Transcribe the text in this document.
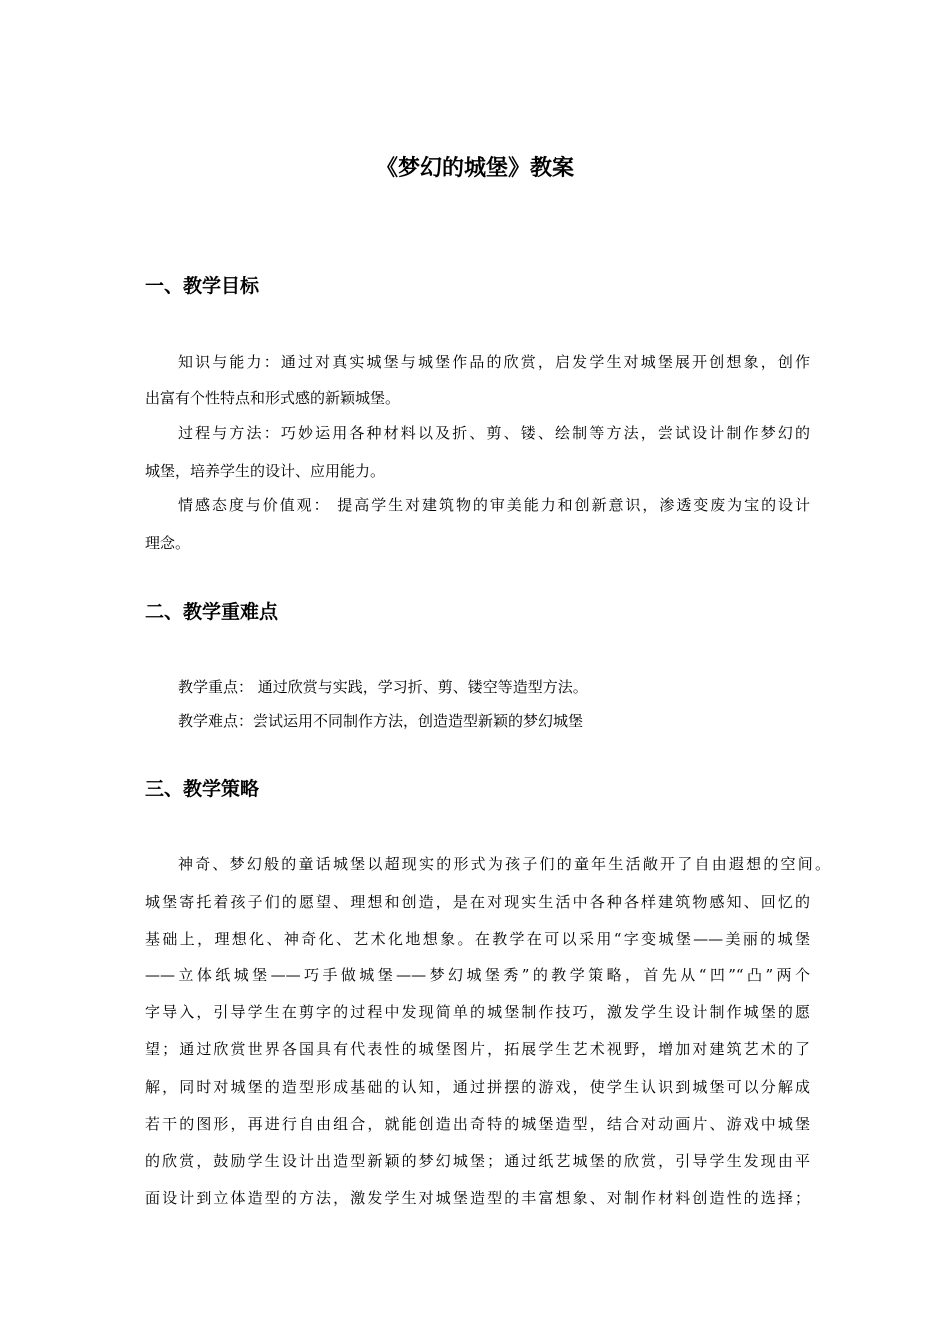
《梦幻的城堡》教案
一、教学目标
知识与能力：通过对真实城堡与城堡作品的欣赏，启发学生对城堡展开创想象，创作
出富有个性特点和形式感的新颖城堡。
过程与方法：巧妙运用各种材料以及折、剪、镂、绘制等方法，尝试设计制作梦幻的
城堡，培养学生的设计、应用能力。
情感态度与价值观： 提高学生对建筑物的审美能力和创新意识，渗透变废为宝的设计
理念。
二、教学重难点
教学重点： 通过欣赏与实践，学习折、剪、镂空等造型方法。
教学难点：尝试运用不同制作方法，创造造型新颖的梦幻城堡
三、教学策略
神奇、梦幻般的童话城堡以超现实的形式为孩子们的童年生活敞开了自由遐想的空间。
城堡寄托着孩子们的愿望、理想和创造，是在对现实生活中各种各样建筑物感知、回忆的
基础上，理想化、神奇化、艺术化地想象。在教学在可以采用“字变城堡——美丽的城堡
——立体纸城堡——巧手做城堡——梦幻城堡秀”的教学策略，首先从“凹”“凸”两个
字导入，引导学生在剪字的过程中发现简单的城堡制作技巧，激发学生设计制作城堡的愿
望；通过欣赏世界各国具有代表性的城堡图片，拓展学生艺术视野，增加对建筑艺术的了
解，同时对城堡的造型形成基础的认知，通过拼摆的游戏，使学生认识到城堡可以分解成
若干的图形，再进行自由组合，就能创造出奇特的城堡造型，结合对动画片、游戏中城堡
的欣赏，鼓励学生设计出造型新颖的梦幻城堡；通过纸艺城堡的欣赏，引导学生发现由平
面设计到立体造型的方法，激发学生对城堡造型的丰富想象、对制作材料创造性的选择；
